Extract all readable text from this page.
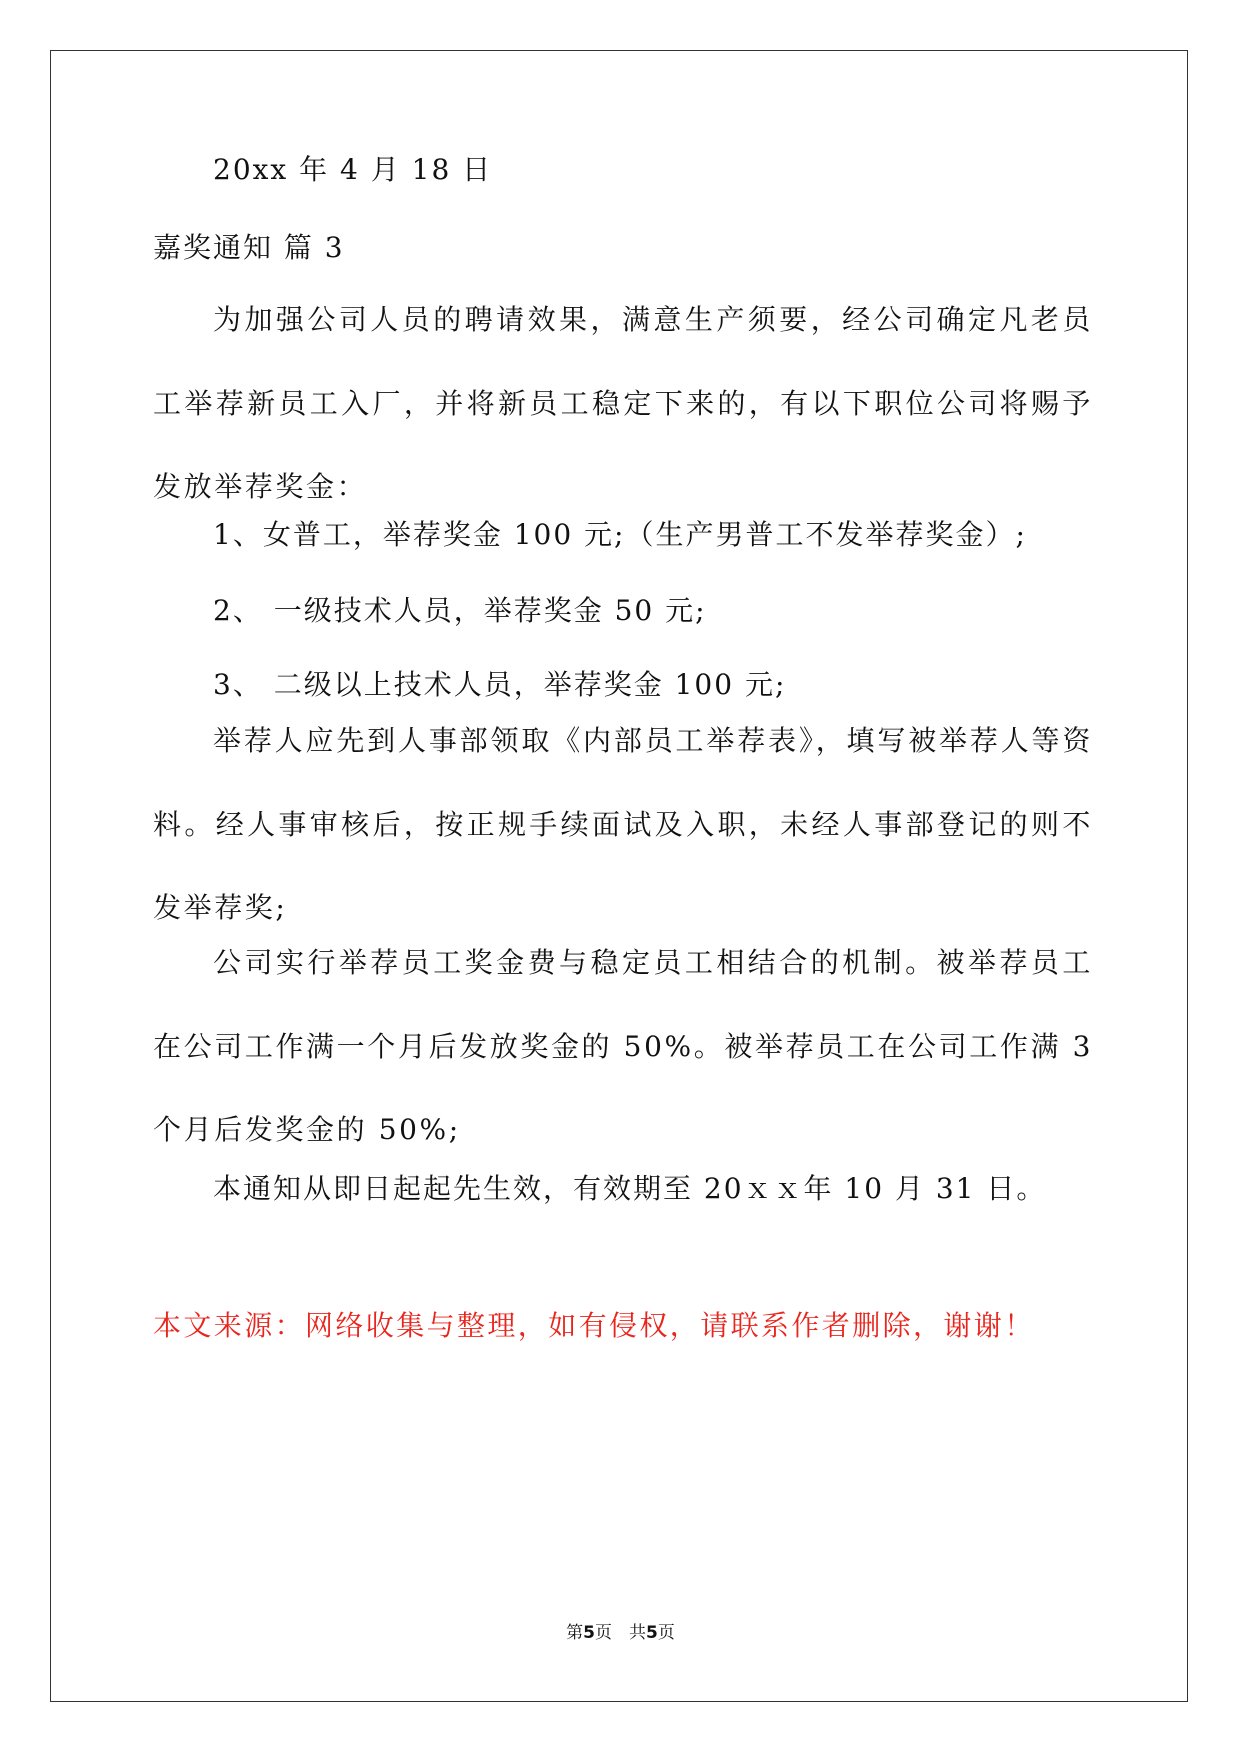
20xx 年 4 月 18 日
嘉奖通知 篇 3
为加强公司人员的聘请效果，满意生产须要，经公司确定凡老员工举荐新员工入厂，并将新员工稳定下来的，有以下职位公司将赐予发放举荐奖金：
1、女普工，举荐奖金 100 元;（生产男普工不发举荐奖金）;
2、 一级技术人员，举荐奖金 50 元;
3、 二级以上技术人员，举荐奖金 100 元;
举荐人应先到人事部领取《内部员工举荐表》，填写被举荐人等资料。经人事审核后，按正规手续面试及入职，未经人事部登记的则不发举荐奖;
公司实行举荐员工奖金费与稳定员工相结合的机制。被举荐员工在公司工作满一个月后发放奖金的 50%。被举荐员工在公司工作满 3 个月后发奖金的 50%;
本通知从即日起起先生效，有效期至 20ｘｘ年 10 月 31 日。
本文来源：网络收集与整理，如有侵权，请联系作者删除，谢谢！
第5页　共5页
